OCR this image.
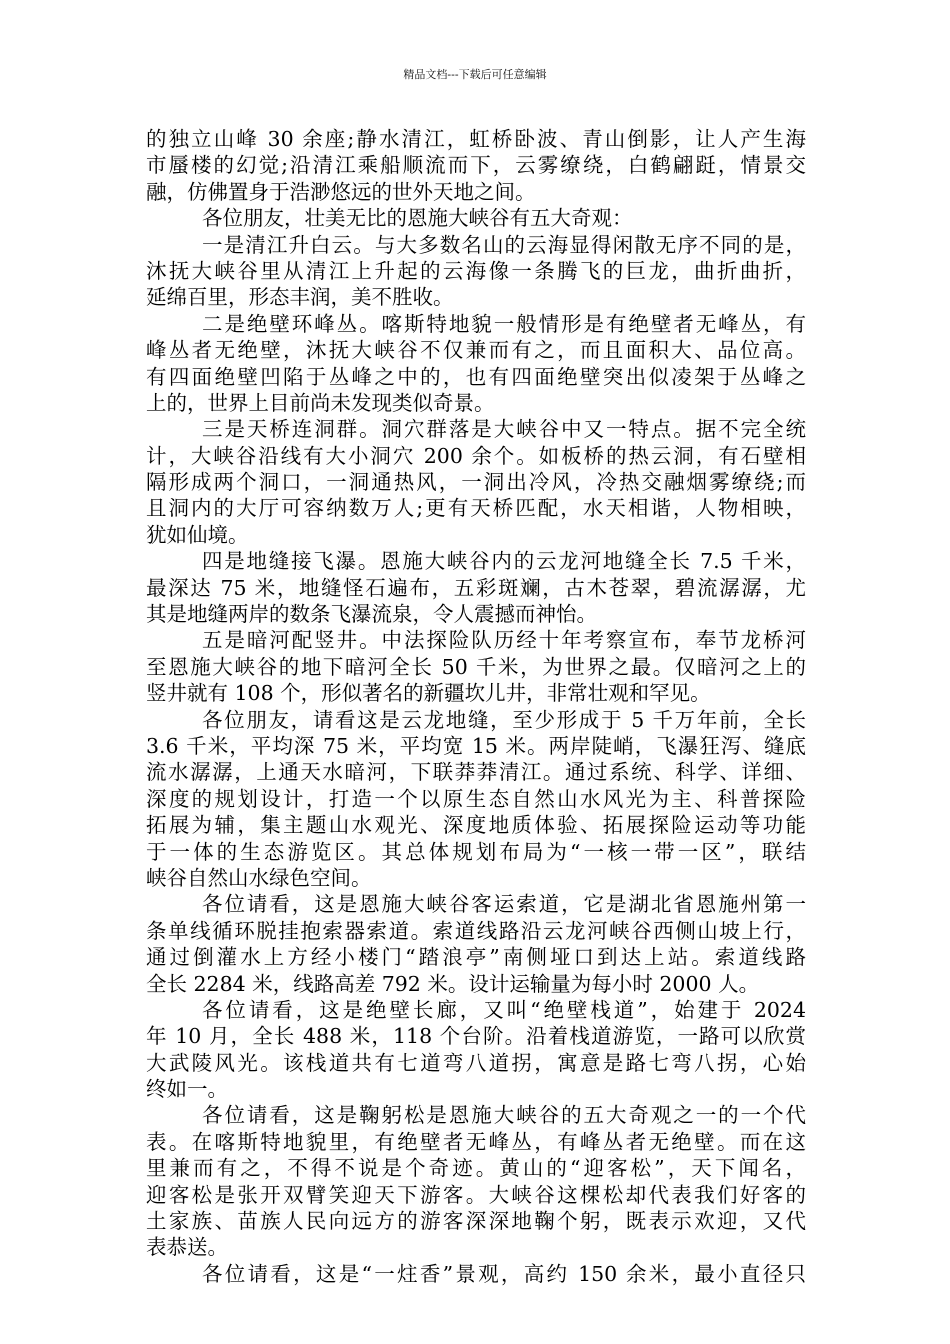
精品文档---下载后可任意编辑
的独立山峰 30 余座;静水清江，虹桥卧波、青山倒影，让人产生海
市蜃楼的幻觉;沿清江乘船顺流而下，云雾缭绕，白鹤翩跹，情景交
融，仿佛置身于浩渺悠远的世外天地之间。
各位朋友，壮美无比的恩施大峡谷有五大奇观：
一是清江升白云。与大多数名山的云海显得闲散无序不同的是，
沐抚大峡谷里从清江上升起的云海像一条腾飞的巨龙，曲折曲折，
延绵百里，形态丰润，美不胜收。
二是绝壁环峰丛。喀斯特地貌一般情形是有绝壁者无峰丛，有
峰丛者无绝壁，沐抚大峡谷不仅兼而有之，而且面积大、品位高。
有四面绝壁凹陷于丛峰之中的，也有四面绝壁突出似凌架于丛峰之
上的，世界上目前尚未发现类似奇景。
三是天桥连洞群。洞穴群落是大峡谷中又一特点。据不完全统
计，大峡谷沿线有大小洞穴 200 余个。如板桥的热云洞，有石壁相
隔形成两个洞口，一洞通热风，一洞出冷风，冷热交融烟雾缭绕;而
且洞内的大厅可容纳数万人;更有天桥匹配，水天相谐，人物相映，
犹如仙境。
四是地缝接飞瀑。恩施大峡谷内的云龙河地缝全长 7.5 千米，
最深达 75 米，地缝怪石遍布，五彩斑斓，古木苍翠，碧流潺潺，尤
其是地缝两岸的数条飞瀑流泉，令人震撼而神怡。
五是暗河配竖井。中法探险队历经十年考察宣布，奉节龙桥河
至恩施大峡谷的地下暗河全长 50 千米，为世界之最。仅暗河之上的
竖井就有 108 个，形似著名的新疆坎儿井，非常壮观和罕见。
各位朋友，请看这是云龙地缝，至少形成于 5 千万年前，全长
3.6 千米，平均深 75 米，平均宽 15 米。两岸陡峭，飞瀑狂泻、缝底
流水潺潺，上通天水暗河，下联莽莽清江。通过系统、科学、详细、
深度的规划设计，打造一个以原生态自然山水风光为主、科普探险
拓展为辅，集主题山水观光、深度地质体验、拓展探险运动等功能
于一体的生态游览区。其总体规划布局为“一核一带一区”，联结
峡谷自然山水绿色空间。
各位请看，这是恩施大峡谷客运索道，它是湖北省恩施州第一
条单线循环脱挂抱索器索道。索道线路沿云龙河峡谷西侧山坡上行，
通过倒灌水上方经小楼门“踏浪亭”南侧垭口到达上站。索道线路
全长 2284 米，线路高差 792 米。设计运输量为每小时 2000 人。
各位请看，这是绝壁长廊，又叫“绝壁栈道”，始建于 2024
年 10 月，全长 488 米，118 个台阶。沿着栈道游览，一路可以欣赏
大武陵风光。该栈道共有七道弯八道拐，寓意是路七弯八拐，心始
终如一。
各位请看，这是鞠躬松是恩施大峡谷的五大奇观之一的一个代
表。在喀斯特地貌里，有绝壁者无峰丛，有峰丛者无绝壁。而在这
里兼而有之，不得不说是个奇迹。黄山的“迎客松”，天下闻名，
迎客松是张开双臂笑迎天下游客。大峡谷这棵松却代表我们好客的
土家族、苗族人民向远方的游客深深地鞠个躬，既表示欢迎，又代
表恭送。
各位请看，这是“一炷香”景观，高约 150 余米，最小直径只
